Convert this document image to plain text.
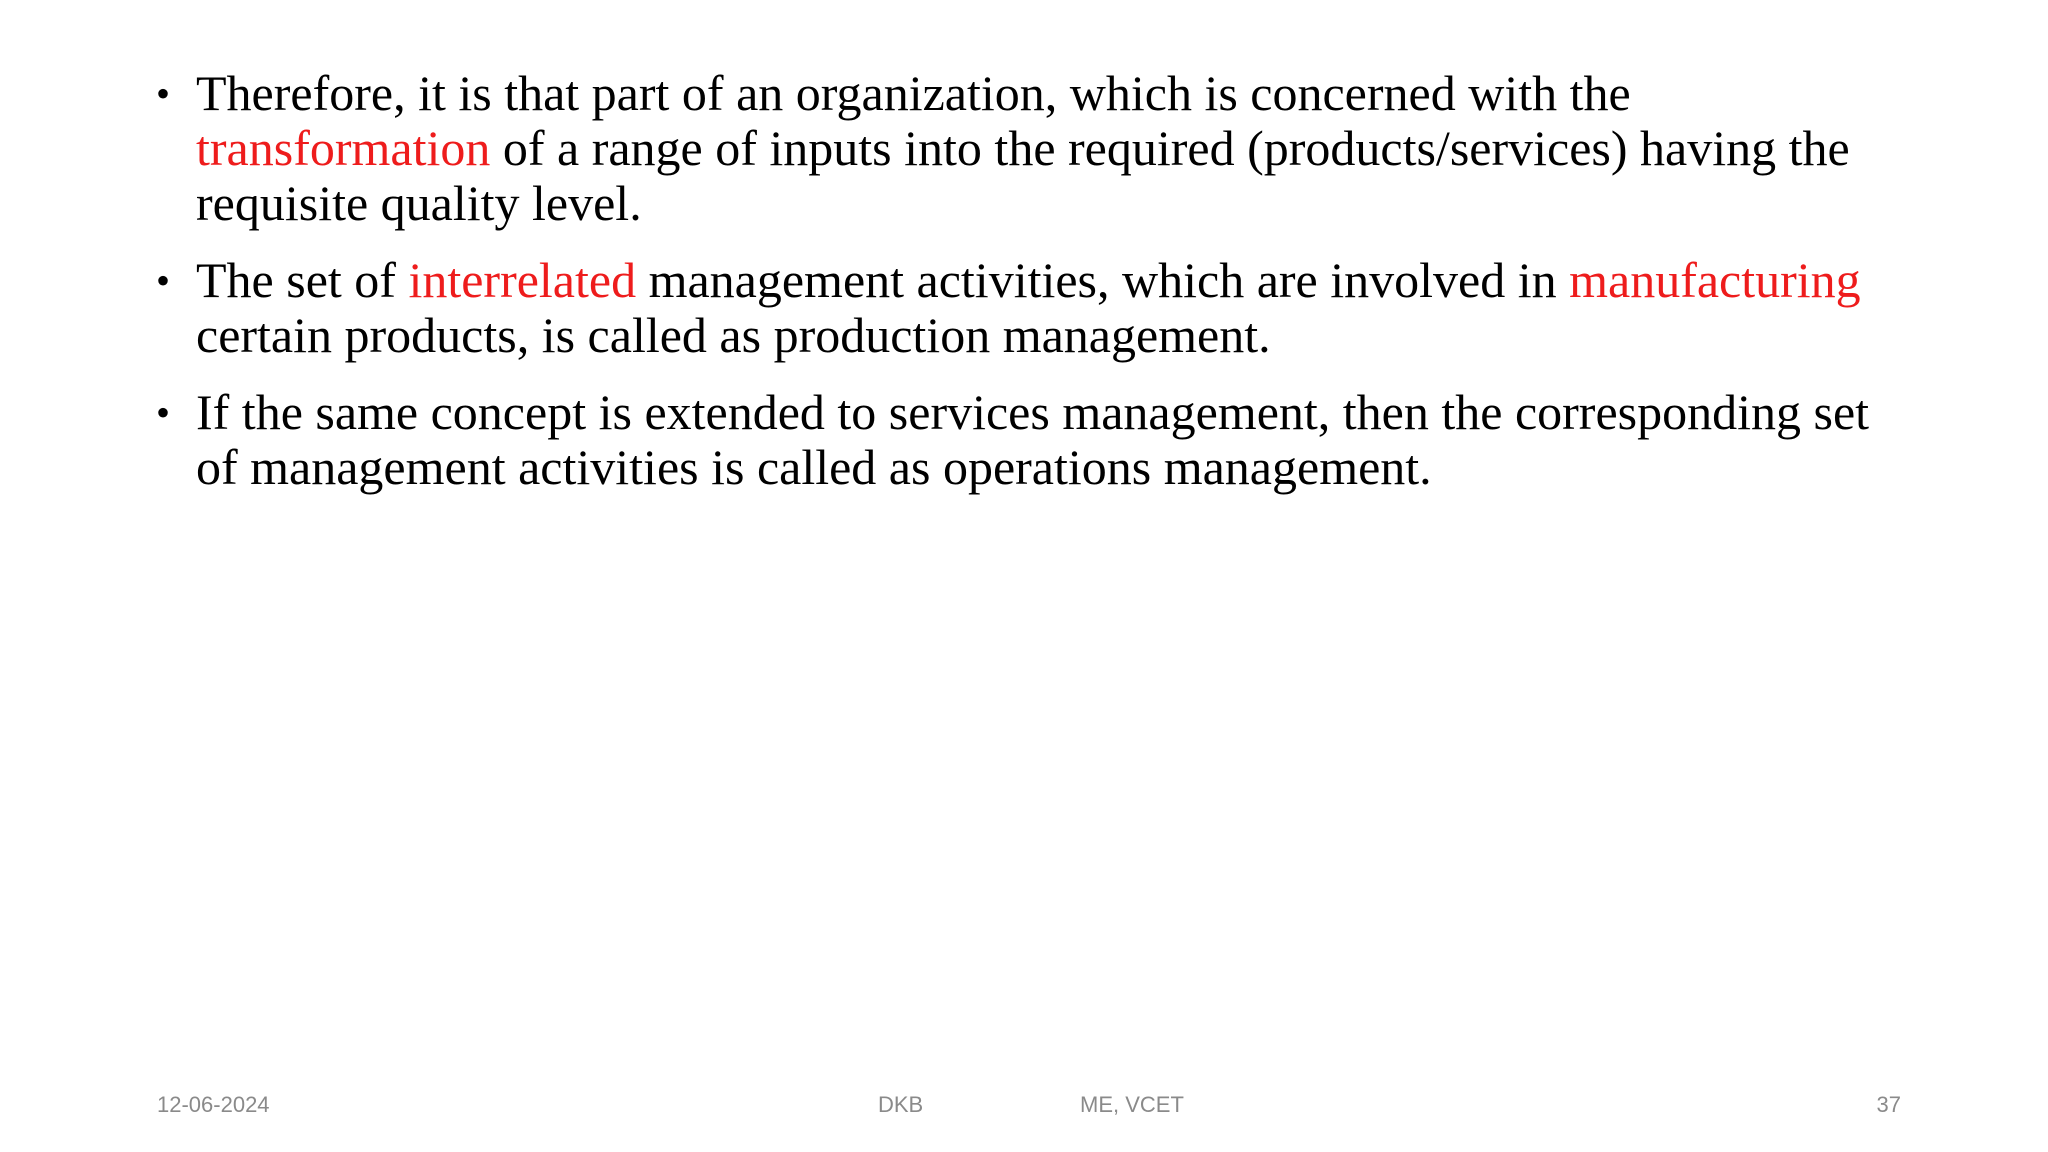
• Therefore, it is that part of an organization, which is concerned with the transformation of a range of inputs into the required (products/services) having the requisite quality level.
• The set of interrelated management activities, which are involved in manufacturing certain products, is called as production management.
• If the same concept is extended to services management, then the corresponding set of management activities is called as operations management.
12-06-2024	DKB	ME, VCET	37
